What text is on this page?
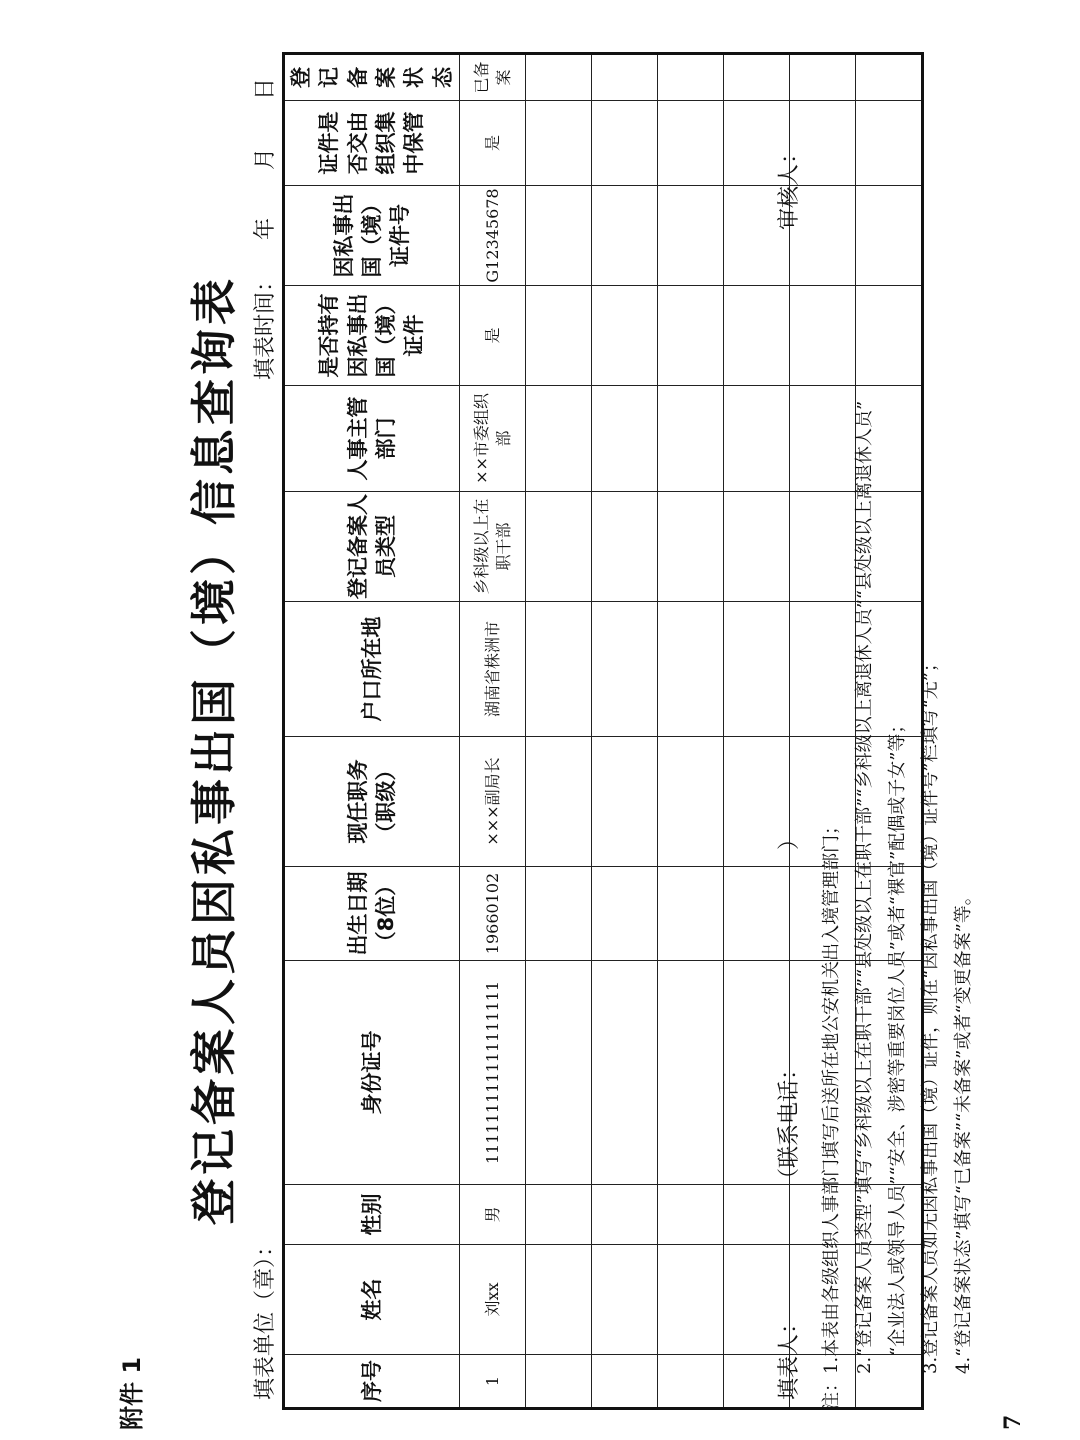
登记备案人员因私事出国（境）信息查询表
填表单位（章）：
填表时间：
年
月
日
序号	姓名	性别	身份证号	出生日期（8位）	现任职务（职级）	户口所在地	登记备案人员类型	人事主管部门	是否持有因私事出国（境）证件	因私事出国（境）证件号	证件是否交由组织集中保管	登记备案状态
1	刘xx	男	111111111111111111	19660102	×××副局长	湖南省株洲市	乡科级以上在职干部	××市委组织部	是	G12345678	是	已备案

填表人：
（联系电话：
）
审核人：
注：1.本表由各级组织人事部门填写后送所在地公安机关出入境管理部门； 　　2.“登记备案人员类型”填写“乡科级以上在职干部”“县处级以上在职干部”“乡科级以上离退休人员”“县处级以上离退休人员” 　　　“企业法人或领导人员”“安全、涉密等重要岗位人员”或者“裸官”配偶或子女”等； 　　3.登记备案人员如无因私事出国（境）证件，则在“因私事出国（境）证件号”栏填写“无”； 　　4.“登记备案状态”填写“已备案”“未备案”或者“变更备案”等。
附件 1	7
